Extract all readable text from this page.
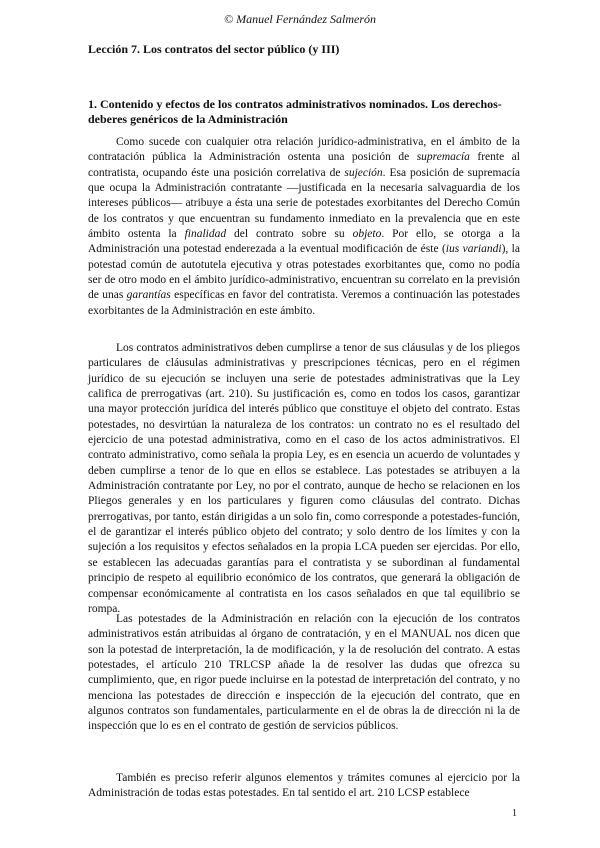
© Manuel Fernández Salmerón
Lección 7. Los contratos del sector público (y III)
1. Contenido y efectos de los contratos administrativos nominados. Los derechos-deberes genéricos de la Administración

Como sucede con cualquier otra relación jurídico-administrativa, en el ámbito de la contratación pública la Administración ostenta una posición de supremacía frente al contratista, ocupando éste una posición correlativa de sujeción. Esa posición de supremacía que ocupa la Administración contratante —justificada en la necesaria salvaguardia de los intereses públicos— atribuye a ésta una serie de potestades exorbitantes del Derecho Común de los contratos y que encuentran su fundamento inmediato en la prevalencia que en este ámbito ostenta la finalidad del contrato sobre su objeto. Por ello, se otorga a la Administración una potestad enderezada a la eventual modificación de éste (ius variandi), la potestad común de autotutela ejecutiva y otras potestades exorbitantes que, como no podía ser de otro modo en el ámbito jurídico-administrativo, encuentran su correlato en la previsión de unas garantías específicas en favor del contratista. Veremos a continuación las potestades exorbitantes de la Administración en este ámbito.

Los contratos administrativos deben cumplirse a tenor de sus cláusulas y de los pliegos particulares de cláusulas administrativas y prescripciones técnicas, pero en el régimen jurídico de su ejecución se incluyen una serie de potestades administrativas que la Ley califica de prerrogativas (art. 210). Su justificación es, como en todos los casos, garantizar una mayor protección jurídica del interés público que constituye el objeto del contrato. Estas potestades, no desvirtúan la naturaleza de los contratos: un contrato no es el resultado del ejercicio de una potestad administrativa, como en el caso de los actos administrativos. El contrato administrativo, como señala la propia Ley, es en esencia un acuerdo de voluntades y deben cumplirse a tenor de lo que en ellos se establece. Las potestades se atribuyen a la Administración contratante por Ley, no por el contrato, aunque de hecho se relacionen en los Pliegos generales y en los particulares y figuren como cláusulas del contrato. Dichas prerrogativas, por tanto, están dirigidas a un solo fin, como corresponde a potestades-función, el de garantizar el interés público objeto del contrato; y solo dentro de los límites y con la sujeción a los requisitos y efectos señalados en la propia LCA pueden ser ejercidas. Por ello, se establecen las adecuadas garantías para el contratista y se subordinan al fundamental principio de respeto al equilibrio económico de los contratos, que generará la obligación de compensar económicamente al contratista en los casos señalados en que tal equilibrio se rompa.

Las potestades de la Administración en relación con la ejecución de los contratos administrativos están atribuidas al órgano de contratación, y en el MANUAL nos dicen que son la potestad de interpretación, la de modificación, y la de resolución del contrato. A estas potestades, el artículo 210 TRLCSP añade la de resolver las dudas que ofrezca su cumplimiento, que, en rigor puede incluirse en la potestad de interpretación del contrato, y no menciona las potestades de dirección e inspección de la ejecución del contrato, que en algunos contratos son fundamentales, particularmente en el de obras la de dirección ni la de inspección que lo es en el contrato de gestión de servicios públicos.

También es preciso referir algunos elementos y trámites comunes al ejercicio por la Administración de todas estas potestades. En tal sentido el art. 210 LCSP establece

1
